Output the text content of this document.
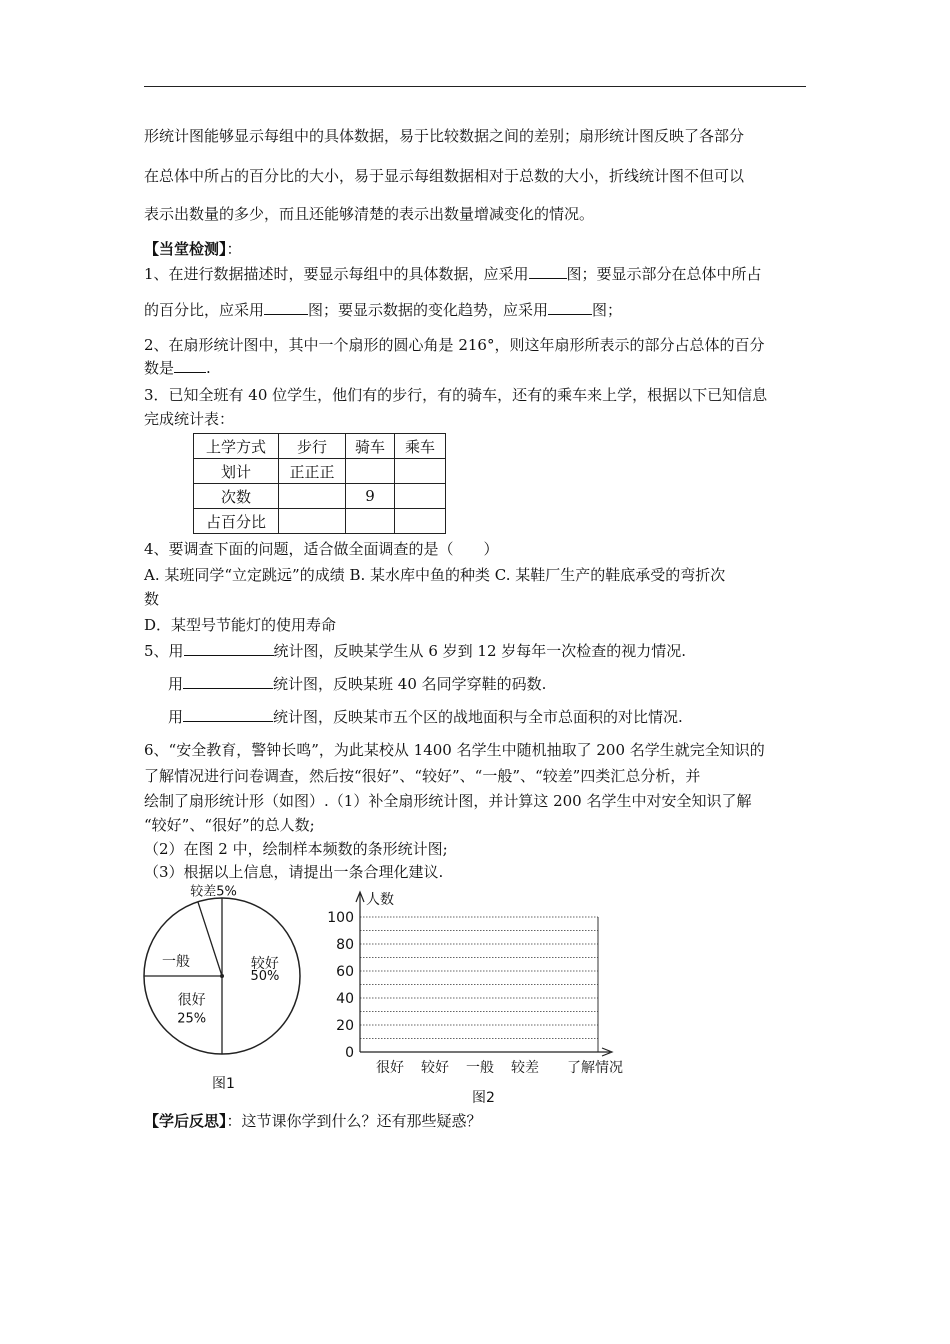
形统计图能够显示每组中的具体数据，易于比较数据之间的差别；扇形统计图反映了各部分
在总体中所占的百分比的大小，易于显示每组数据相对于总数的大小，折线统计图不但可以
表示出数量的多少，而且还能够清楚的表示出数量增减变化的情况。
【当堂检测】：
1、在进行数据描述时，要显示每组中的具体数据，应采用	图；要显示部分在总体中所占
的百分比，应采用	图；要显示数据的变化趋势，应采用	图；
2、在扇形统计图中，其中一个扇形的圆心角是 216°，则这年扇形所表示的部分占总体的百分
数是 .
3．已知全班有 40 位学生，他们有的步行，有的骑车，还有的乘车来上学，根据以下已知信息
完成统计表：
上学方式	步行	骑车	乘车
划计	正正正		
次数		9	
占百分比			
4、要调查下面的问题，适合做全面调查的是（　　）
A. 某班同学“立定跳远”的成绩 B. 某水库中鱼的种类 C. 某鞋厂生产的鞋底承受的弯折次
数
D．某型号节能灯的使用寿命
5、用	统计图，反映某学生从 6 岁到 12 岁每年一次检查的视力情况.
用	统计图，反映某班 40 名同学穿鞋的码数.
用	统计图，反映某市五个区的战地面积与全市总面积的对比情况.
6、“安全教育，警钟长鸣”，为此某校从 1400 名学生中随机抽取了 200 名学生就完全知识的
了解情况进行问卷调查，然后按“很好”、“较好”、“一般”、“较差”四类汇总分析，并
绘制了扇形统计形（如图）.（1）补全扇形统计图，并计算这 200 名学生中对安全知识了解
“较好”、“很好”的总人数;
（2）在图 2 中，绘制样本频数的条形统计图;
（3）根据以上信息，请提出一条合理化建议.
较好
50%
很好
25%
一般
较差5%
图1
0
20
40
60
80
100
人数
很好 较好 一般 较差 了解情况
图2
【学后反思】：这节课你学到什么？还有那些疑惑？
